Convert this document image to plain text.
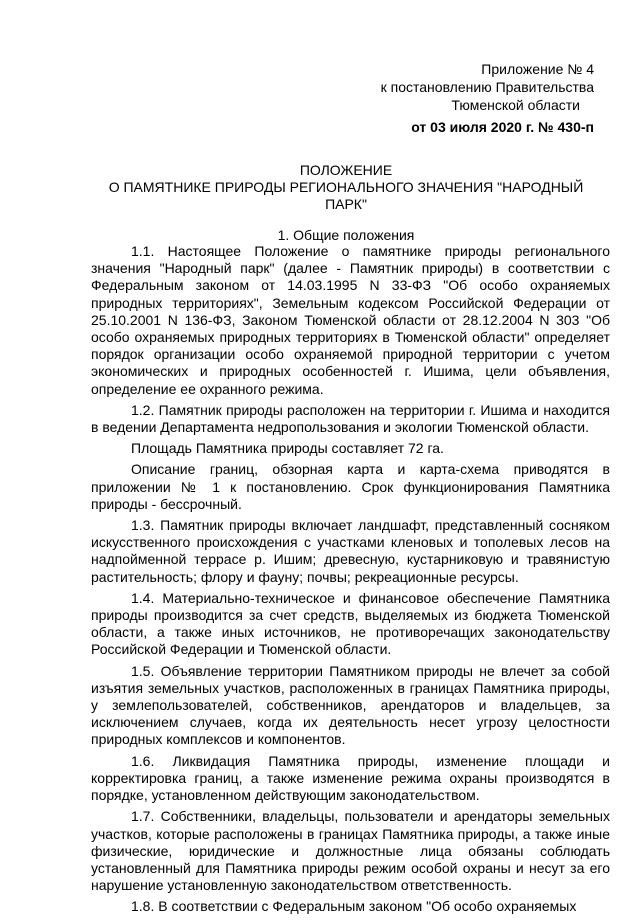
Приложение № 4
к постановлению Правительства
Тюменской области
от 03 июля 2020 г. № 430-п
ПОЛОЖЕНИЕ
О ПАМЯТНИКЕ ПРИРОДЫ РЕГИОНАЛЬНОГО ЗНАЧЕНИЯ "НАРОДНЫЙ
ПАРК"
1. Общие положения

1.1. Настоящее Положение о памятнике природы регионального значения "Народный парк" (далее - Памятник природы) в соответствии с Федеральным законом от 14.03.1995 N 33-ФЗ "Об особо охраняемых природных территориях", Земельным кодексом Российской Федерации от 25.10.2001 N 136-ФЗ, Законом Тюменской области от 28.12.2004 N 303 "Об особо охраняемых природных территориях в Тюменской области" определяет порядок организации особо охраняемой природной территории с учетом экономических и природных особенностей г. Ишима, цели объявления, определение ее охранного режима.

1.2. Памятник природы расположен на территории г. Ишима и находится в ведении Департамента недропользования и экологии Тюменской области.

Площадь Памятника природы составляет 72 га.

Описание границ, обзорная карта и карта-схема приводятся в приложении № 1 к постановлению. Срок функционирования Памятника природы - бессрочный.

1.3. Памятник природы включает ландшафт, представленный сосняком искусственного происхождения с участками кленовых и тополевых лесов на надпойменной террасе р. Ишим; древесную, кустарниковую и травянистую растительность; флору и фауну; почвы; рекреационные ресурсы.

1.4. Материально-техническое и финансовое обеспечение Памятника природы производится за счет средств, выделяемых из бюджета Тюменской области, а также иных источников, не противоречащих законодательству Российской Федерации и Тюменской области.

1.5. Объявление территории Памятником природы не влечет за собой изъятия земельных участков, расположенных в границах Памятника природы, у землепользователей, собственников, арендаторов и владельцев, за исключением случаев, когда их деятельность несет угрозу целостности природных комплексов и компонентов.

1.6. Ликвидация Памятника природы, изменение площади и корректировка границ, а также изменение режима охраны производятся в порядке, установленном действующим законодательством.

1.7. Собственники, владельцы, пользователи и арендаторы земельных участков, которые расположены в границах Памятника природы, а также иные физические, юридические и должностные лица обязаны соблюдать установленный для Памятника природы режим особой охраны и несут за его нарушение установленную законодательством ответственность.

1.8. В соответствии с Федеральным законом "Об особо охраняемых
